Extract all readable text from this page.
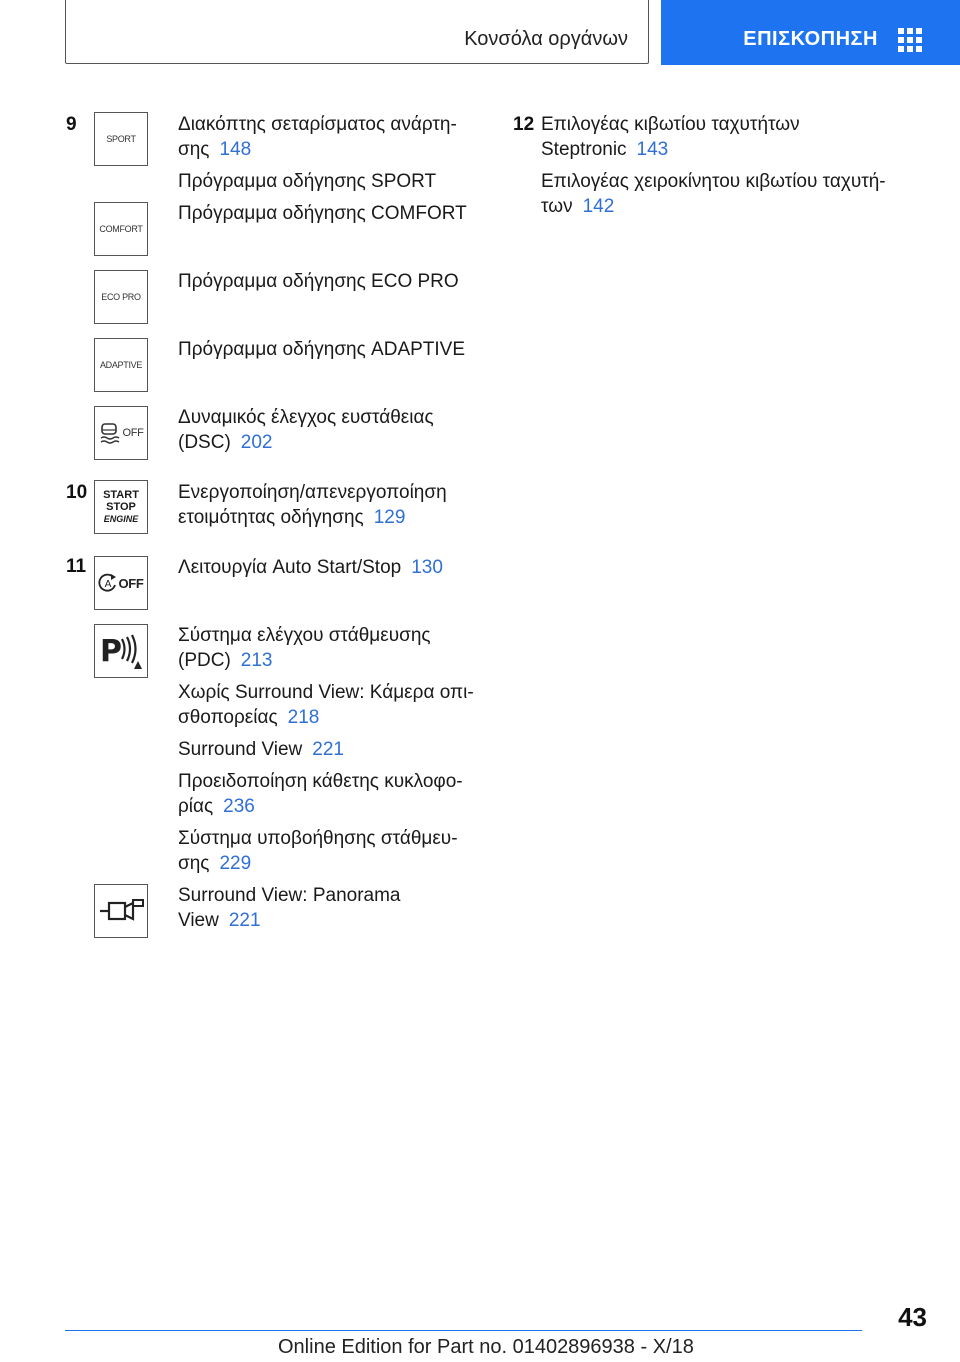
Κονσόλα οργάνων	ΕΠΙΣΚΟΠΗΣΗ
9
SPORT
COMFORT
ECO PRO
ADAPTIVE
OFF
Διακόπτης σεταρίσματος ανάρτη-σης 148
Πρόγραμμα οδήγησης SPORT
Πρόγραμμα οδήγησης COMFORT
Πρόγραμμα οδήγησης ECO PRO
Πρόγραμμα οδήγησης ADAPTIVE
Δυναμικός έλεγχος ευστάθειας (DSC) 202
10 START
STOP
ENGINE
Ενεργοποίηση/απενεργοποίηση ετοιμότητας οδήγησης 129
11
A OFF
P
Λειτουργία Auto Start/Stop 130
Σύστημα ελέγχου στάθμευσης (PDC) 213
Χωρίς Surround View: Κάμερα οπι-σθοπορείας 218
Surround View 221
Προειδοποίηση κάθετης κυκλοφο-ρίας 236
Σύστημα υποβοήθησης στάθμευ-σης 229
Surround View: Panorama View 221
12 Επιλογέας κιβωτίου ταχυτήτων Steptronic 143
Επιλογέας χειροκίνητου κιβωτίου ταχυτή-των 142
43
Online Edition for Part no. 01402896938 - X/18
